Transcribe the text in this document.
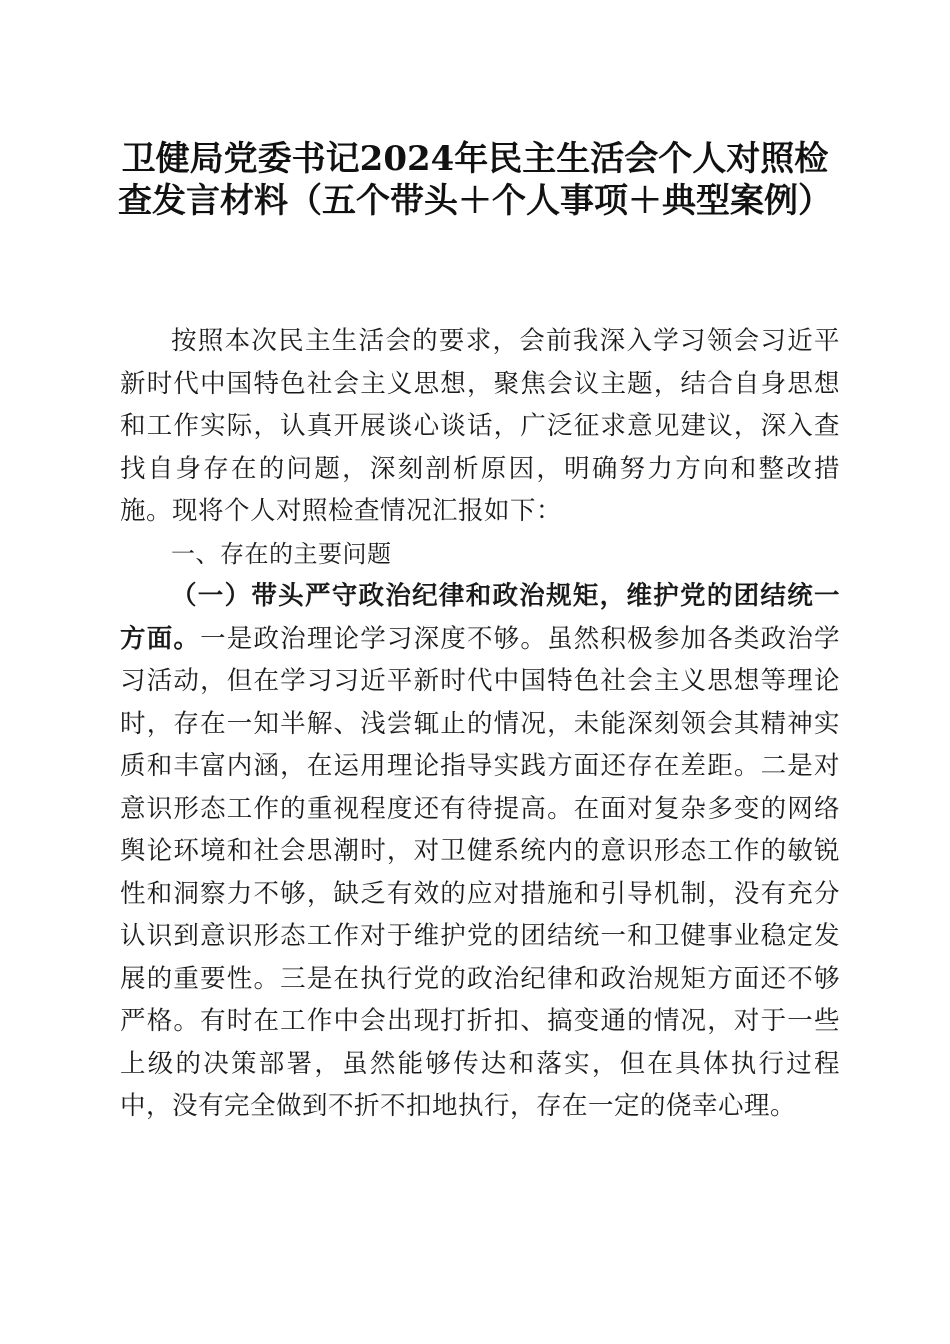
卫健局党委书记2024年民主生活会个人对照检查发言材料（五个带头＋个人事项＋典型案例）

按照本次民主生活会的要求，会前我深入学习领会习近平新时代中国特色社会主义思想，聚焦会议主题，结合自身思想和工作实际，认真开展谈心谈话，广泛征求意见建议，深入查找自身存在的问题，深刻剖析原因，明确努力方向和整改措施。现将个人对照检查情况汇报如下：

一、存在的主要问题

（一）带头严守政治纪律和政治规矩，维护党的团结统一方面。一是政治理论学习深度不够。虽然积极参加各类政治学习活动，但在学习习近平新时代中国特色社会主义思想等理论时，存在一知半解、浅尝辄止的情况，未能深刻领会其精神实质和丰富内涵，在运用理论指导实践方面还存在差距。二是对意识形态工作的重视程度还有待提高。在面对复杂多变的网络舆论环境和社会思潮时，对卫健系统内的意识形态工作的敏锐性和洞察力不够，缺乏有效的应对措施和引导机制，没有充分认识到意识形态工作对于维护党的团结统一和卫健事业稳定发展的重要性。三是在执行党的政治纪律和政治规矩方面还不够严格。有时在工作中会出现打折扣、搞变通的情况，对于一些上级的决策部署，虽然能够传达和落实，但在具体执行过程中，没有完全做到不折不扣地执行，存在一定的侥幸心理。
